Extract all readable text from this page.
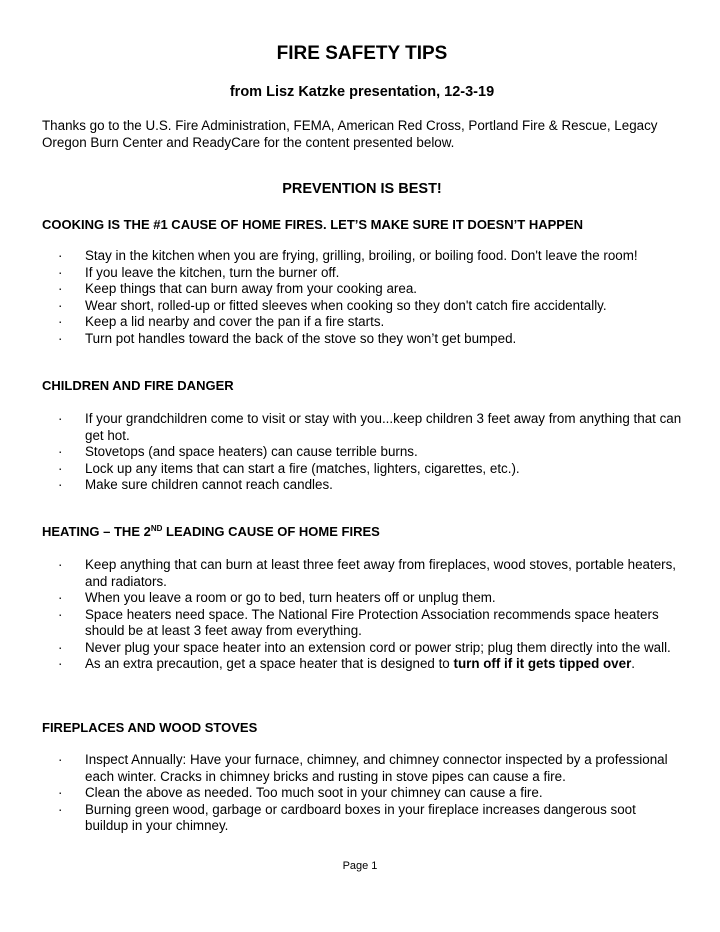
FIRE SAFETY TIPS
from Lisz Katzke presentation, 12-3-19
Thanks go to the U.S. Fire Administration, FEMA, American Red Cross, Portland Fire & Rescue, Legacy Oregon Burn Center and ReadyCare for the content presented below.
PREVENTION IS BEST!
COOKING IS THE #1 CAUSE OF HOME FIRES. LET’S MAKE SURE IT DOESN’T HAPPEN
· Stay in the kitchen when you are frying, grilling, broiling, or boiling food. Don't leave the room!
· If you leave the kitchen, turn the burner off.
· Keep things that can burn away from your cooking area.
· Wear short, rolled-up or fitted sleeves when cooking so they don't catch fire accidentally.
· Keep a lid nearby and cover the pan if a fire starts.
· Turn pot handles toward the back of the stove so they won’t get bumped.
CHILDREN AND FIRE DANGER
· If your grandchildren come to visit or stay with you...keep children 3 feet away from anything that can get hot.
· Stovetops (and space heaters) can cause terrible burns.
· Lock up any items that can start a fire (matches, lighters, cigarettes, etc.).
· Make sure children cannot reach candles.
HEATING – THE 2ND LEADING CAUSE OF HOME FIRES
· Keep anything that can burn at least three feet away from fireplaces, wood stoves, portable heaters, and radiators.
· When you leave a room or go to bed, turn heaters off or unplug them.
· Space heaters need space. The National Fire Protection Association recommends space heaters should be at least 3 feet away from everything.
· Never plug your space heater into an extension cord or power strip; plug them directly into the wall.
· As an extra precaution, get a space heater that is designed to turn off if it gets tipped over.
FIREPLACES AND WOOD STOVES
· Inspect Annually: Have your furnace, chimney, and chimney connector inspected by a professional each winter. Cracks in chimney bricks and rusting in stove pipes can cause a fire.
· Clean the above as needed. Too much soot in your chimney can cause a fire.
· Burning green wood, garbage or cardboard boxes in your fireplace increases dangerous soot buildup in your chimney.
Page 1
